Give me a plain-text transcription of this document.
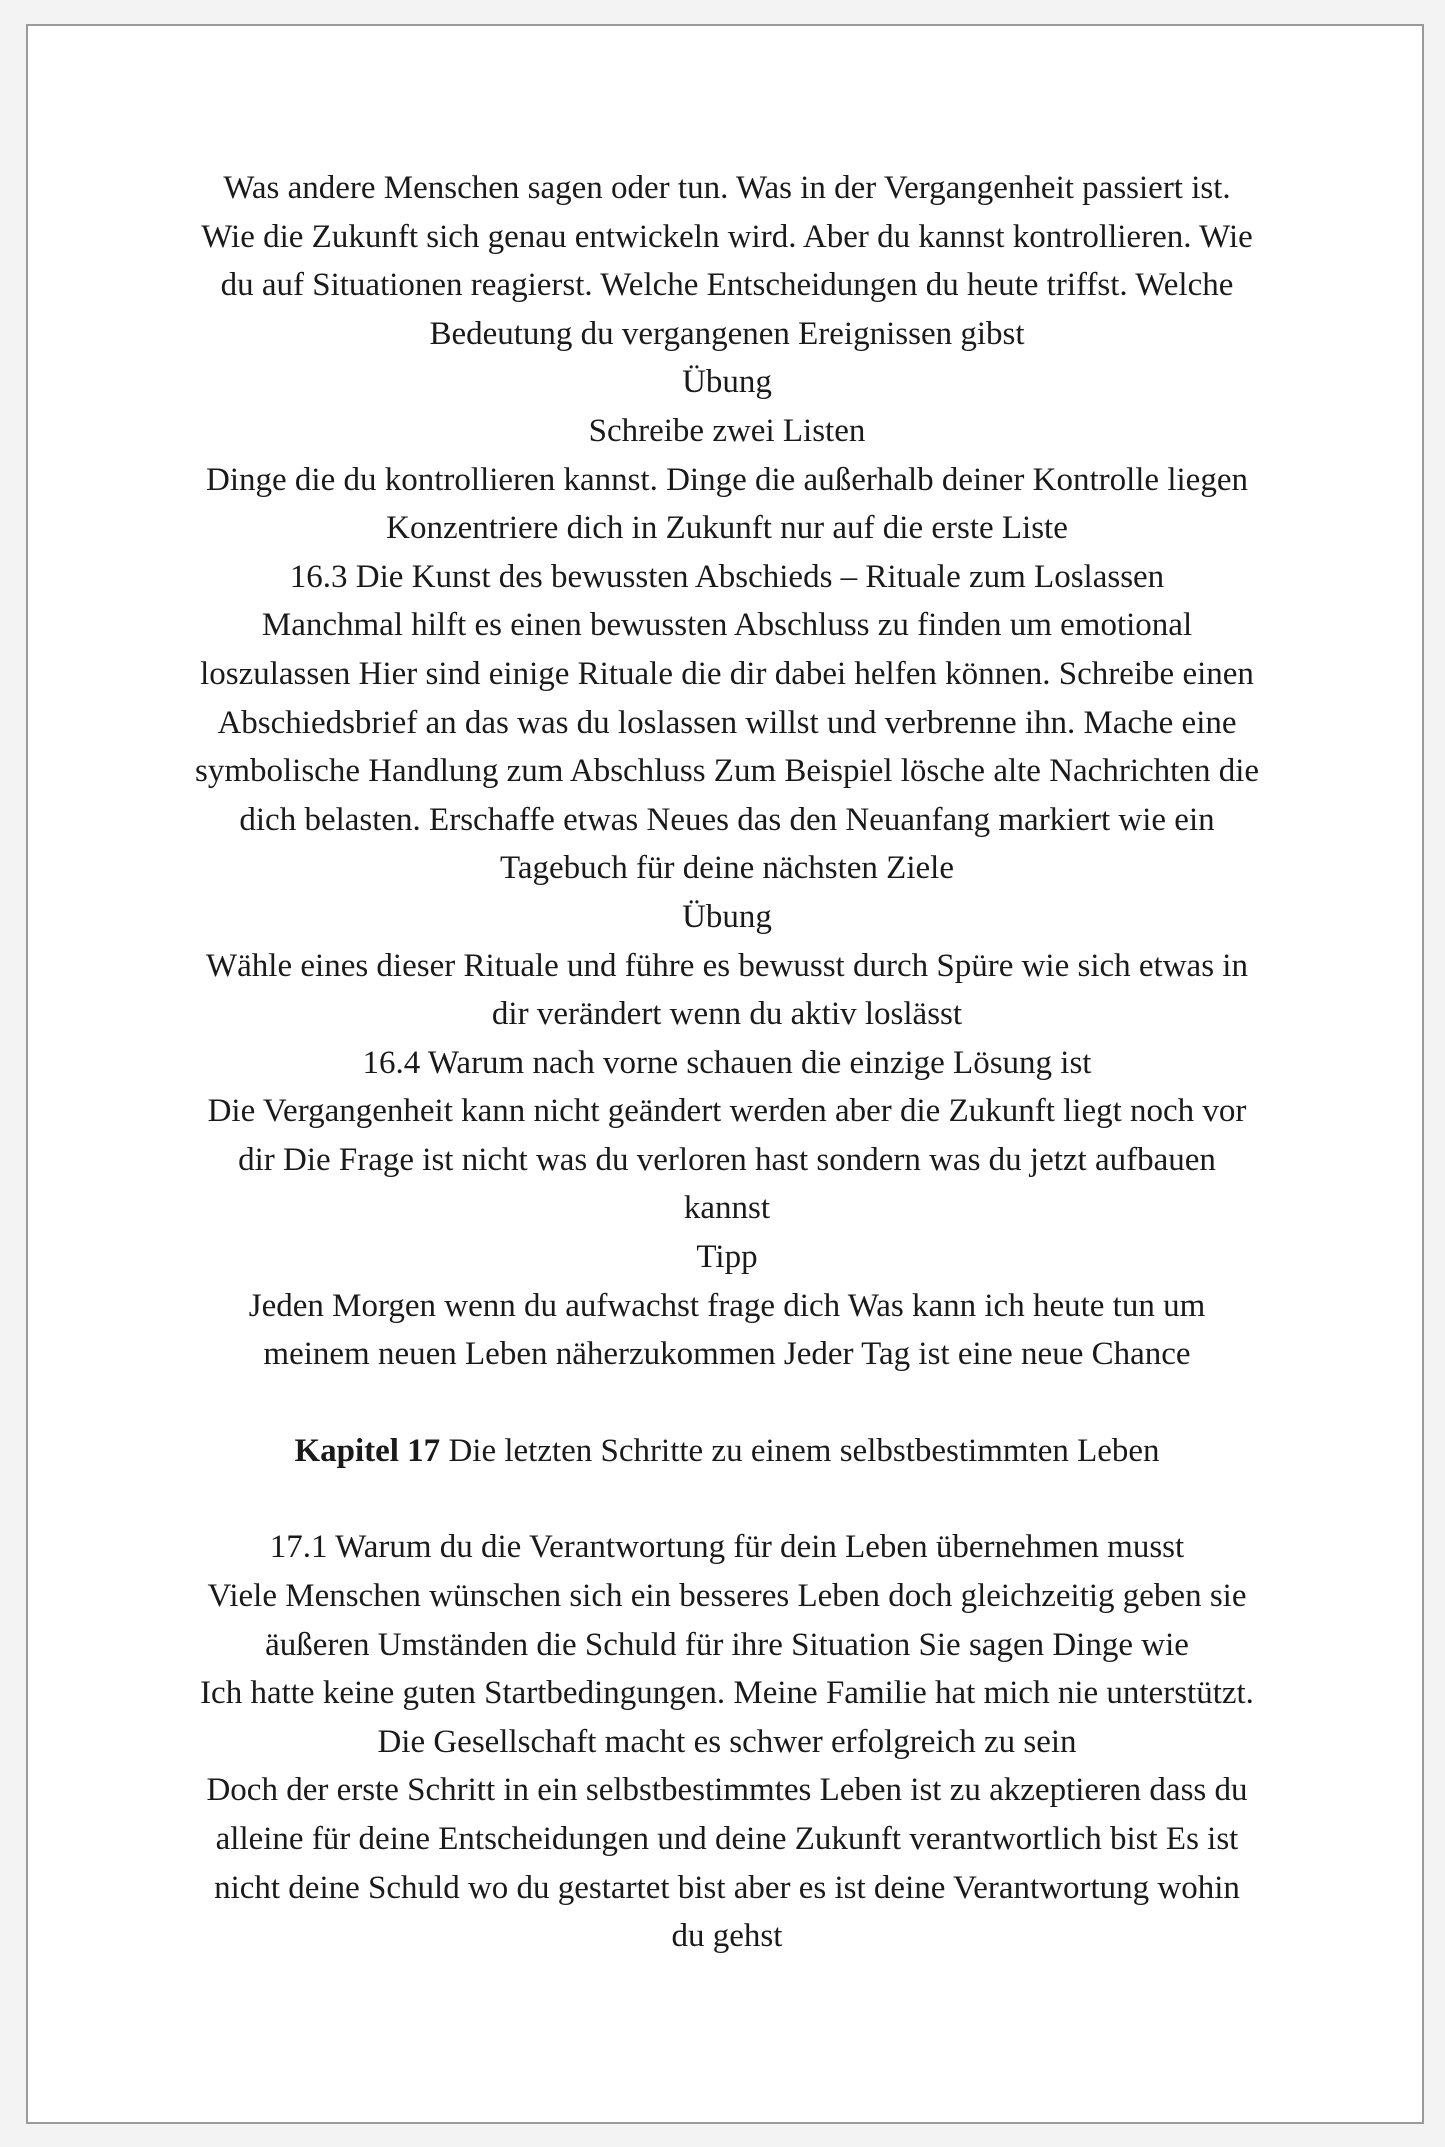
Was andere Menschen sagen oder tun. Was in der Vergangenheit passiert ist.
Wie die Zukunft sich genau entwickeln wird. Aber du kannst kontrollieren. Wie
du auf Situationen reagierst. Welche Entscheidungen du heute triffst. Welche
Bedeutung du vergangenen Ereignissen gibst
Übung
Schreibe zwei Listen
Dinge die du kontrollieren kannst. Dinge die außerhalb deiner Kontrolle liegen
Konzentriere dich in Zukunft nur auf die erste Liste
16.3 Die Kunst des bewussten Abschieds – Rituale zum Loslassen
Manchmal hilft es einen bewussten Abschluss zu finden um emotional
loszulassen Hier sind einige Rituale die dir dabei helfen können. Schreibe einen
Abschiedsbrief an das was du loslassen willst und verbrenne ihn. Mache eine
symbolische Handlung zum Abschluss Zum Beispiel lösche alte Nachrichten die
dich belasten. Erschaffe etwas Neues das den Neuanfang markiert wie ein
Tagebuch für deine nächsten Ziele
Übung
Wähle eines dieser Rituale und führe es bewusst durch Spüre wie sich etwas in
dir verändert wenn du aktiv loslässt
16.4 Warum nach vorne schauen die einzige Lösung ist
Die Vergangenheit kann nicht geändert werden aber die Zukunft liegt noch vor
dir Die Frage ist nicht was du verloren hast sondern was du jetzt aufbauen
kannst
Tipp
Jeden Morgen wenn du aufwachst frage dich Was kann ich heute tun um
meinem neuen Leben näherzukommen Jeder Tag ist eine neue Chance
Kapitel 17 Die letzten Schritte zu einem selbstbestimmten Leben
17.1 Warum du die Verantwortung für dein Leben übernehmen musst
Viele Menschen wünschen sich ein besseres Leben doch gleichzeitig geben sie
äußeren Umständen die Schuld für ihre Situation Sie sagen Dinge wie
Ich hatte keine guten Startbedingungen. Meine Familie hat mich nie unterstützt.
Die Gesellschaft macht es schwer erfolgreich zu sein
Doch der erste Schritt in ein selbstbestimmtes Leben ist zu akzeptieren dass du
alleine für deine Entscheidungen und deine Zukunft verantwortlich bist Es ist
nicht deine Schuld wo du gestartet bist aber es ist deine Verantwortung wohin
du gehst
